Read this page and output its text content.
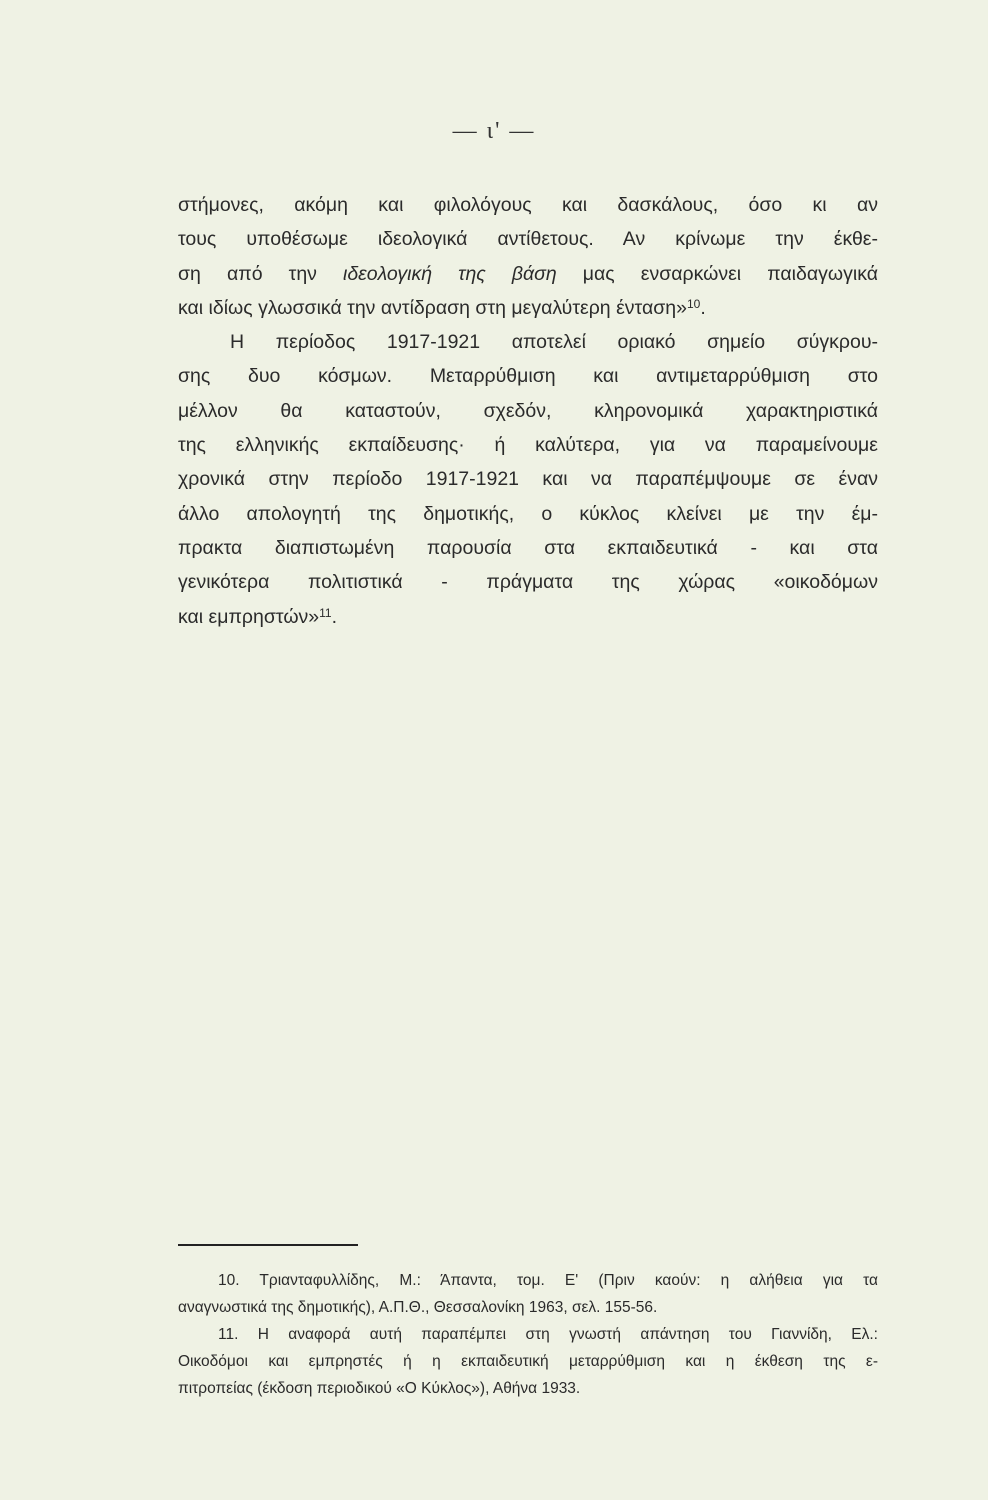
— ι' —
στήμονες, ακόμη και φιλολόγους και δασκάλους, όσο κι αν
τους υποθέσωμε ιδεολογικά αντίθετους. Αν κρίνωμε την έκθε-
ση από την ιδεολογική της βάση μας ενσαρκώνει παιδαγωγικά
και ιδίως γλωσσικά την αντίδραση στη μεγαλύτερη ένταση»$^{10}$.
Η περίοδος 1917-1921 αποτελεί οριακό σημείο σύγκρου-
σης δυο κόσμων. Μεταρρύθμιση και αντιμεταρρύθμιση στο
μέλλον θα καταστούν, σχεδόν, κληρονομικά χαρακτηριστικά
της ελληνικής εκπαίδευσης· ή καλύτερα, για να παραμείνουμε
χρονικά στην περίοδο 1917-1921 και να παραπέμψουμε σε έναν
άλλο απολογητή της δημοτικής, ο κύκλος κλείνει με την έμ-
πρακτα διαπιστωμένη παρουσία στα εκπαιδευτικά - και στα
γενικότερα πολιτιστικά - πράγματα της χώρας «οικοδόμων
και εμπρηστών»$^{11}$.
10. Τριανταφυλλίδης, Μ.: Άπαντα, τομ. Ε' (Πριν καούν: η αλήθεια για τα
αναγνωστικά της δημοτικής), Α.Π.Θ., Θεσσαλονίκη 1963, σελ. 155-56.
11. Η αναφορά αυτή παραπέμπει στη γνωστή απάντηση του Γιαννίδη, Ελ.:
Οικοδόμοι και εμπρηστές ή η εκπαιδευτική μεταρρύθμιση και η έκθεση της ε-
πιτροπείας (έκδοση περιοδικού «Ο Κύκλος»), Αθήνα 1933.
